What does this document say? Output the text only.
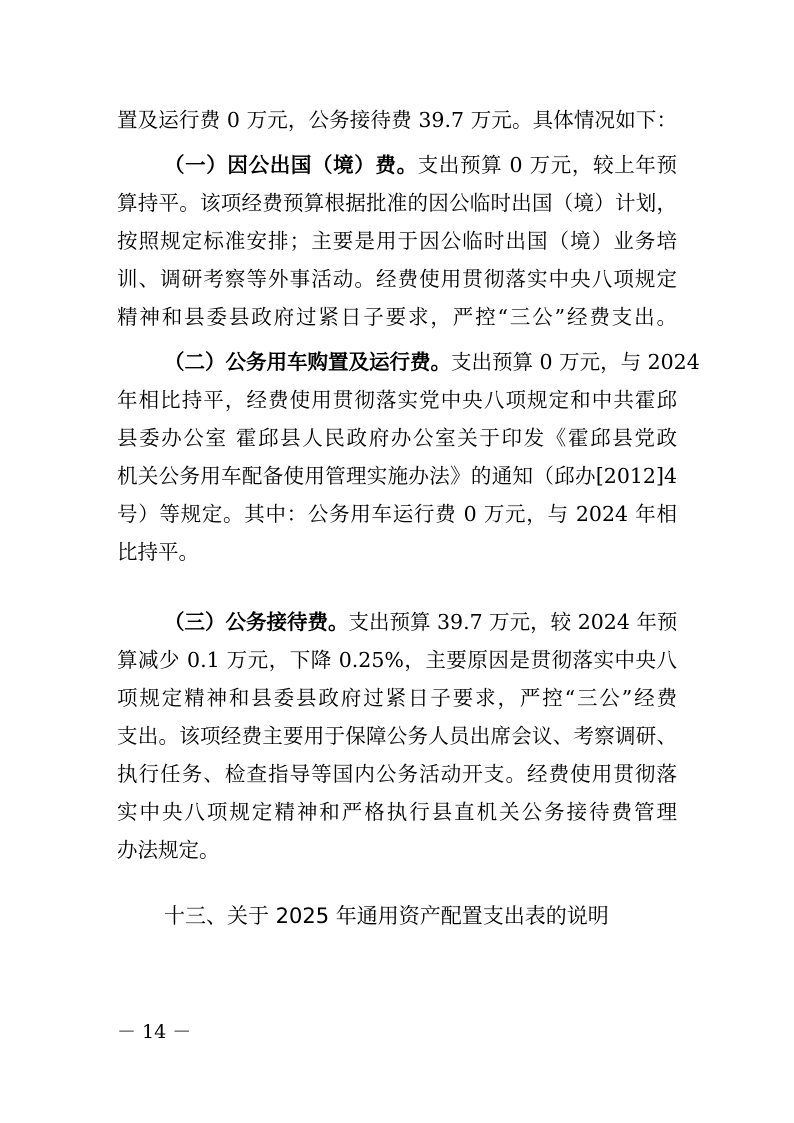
置及运行费 0 万元，公务接待费 39.7 万元。具体情况如下：
（一）因公出国（境）费。支出预算 0 万元，较上年预
算持平。该项经费预算根据批准的因公临时出国（境）计划，
按照规定标准安排；主要是用于因公临时出国（境）业务培
训、调研考察等外事活动。经费使用贯彻落实中央八项规定
精神和县委县政府过紧日子要求，严控“三公”经费支出。
（二）公务用车购置及运行费。支出预算 0 万元，与 2024
年相比持平，经费使用贯彻落实党中央八项规定和中共霍邱
县委办公室 霍邱县人民政府办公室关于印发《霍邱县党政
机关公务用车配备使用管理实施办法》的通知（邱办[2012]4
号）等规定。其中：公务用车运行费 0 万元，与 2024 年相
比持平。
（三）公务接待费。支出预算 39.7 万元，较 2024 年预
算减少 0.1 万元，下降 0.25%，主要原因是贯彻落实中央八
项规定精神和县委县政府过紧日子要求，严控“三公”经费
支出。该项经费主要用于保障公务人员出席会议、考察调研、
执行任务、检查指导等国内公务活动开支。经费使用贯彻落
实中央八项规定精神和严格执行县直机关公务接待费管理
办法规定。
十三、关于 2025 年通用资产配置支出表的说明
－ 14 －
